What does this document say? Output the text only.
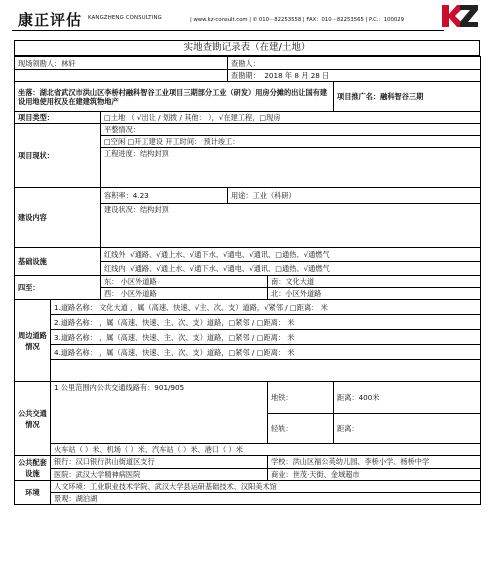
康正评估 KANGZHENG CONSULTING	| www.kz-consult.com | ✆ 010－82253558 | FAX：010－82253565 | P.C.：100029
实地查勘记录表（在建/土地）
现场领勘人：林轩			查勘人：		
			查勘期： 2018 年 8 月 28 日		
坐落：湖北省武汉市洪山区李桥村融科智谷工业项目三期部分工业（研发）用房分摊的出让国有建设用地使用权及在建建筑物地产					项目推广名：融科智谷三期
项目类型：		□土地 （ √出让 / 划拨 / 其他： ），√在建工程，□现房			
项目现状：		平整情况：			
		□空闲 □开工建设 开工时间： 预计竣工：			
		工程进度：结构封顶			
建设内容		容积率：4.23	用途：工业（科研）		
		建设状况：结构封顶			
基础设施		红线外 √通路、√通上水、√通下水、√通电、√通讯、□通热、√通燃气			
		红线内 √通路、√通上水、√通下水、√通电、√通讯、□通热、√通燃气			
四至：		东： 小区外道路		南：文化大道	
		西： 小区外道路		北：小区外道路	
周边道路情况	1.道路名称： 文化大道 ，属（高速、快速、√主、次、支）道路，√紧邻 / □距离： 米				
	2.道路名称： ，属（高速、快速、主、次、支）道路，□紧邻 / □距离： 米				
	3.道路名称： ，属（高速、快速、主、次、支）道路，□紧邻 / □距离： 米				
	4.道路名称： ，属（高速、快速、主、次、支）道路，□紧邻 / □距离： 米				

公共交通情况	1 公里范围内公共交通线路有：901/905			地铁：	距离：400米
				轻轨：	距离：
	火车站（ ）米、机场（ ）米、汽车站（ ）米、港口（ ）米				
公共配套设施	银行：汉口银行洪山街道区支行			学校：洪山区福公英幼儿园、李桥小学、杨桥中学	
	医院：武汉大学精神病医院			商业：世茂·天街、金域超市	
环境	人文环境：工业职业技术学院、武汉大学县运研基础技术、汉阳美术馆				
	景观：湖泊湖				
